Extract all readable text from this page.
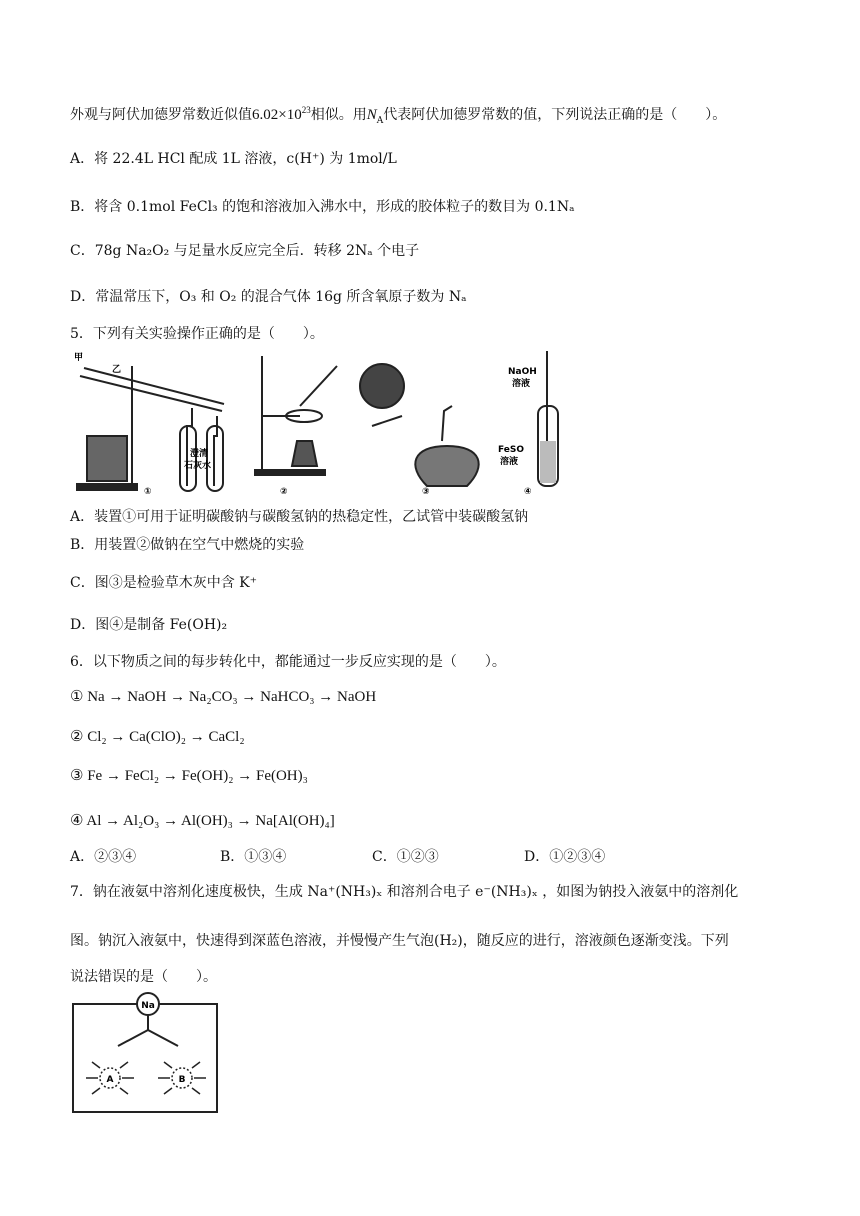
外观与阿伏加德罗常数近似值$6.02\times 10^{23}$相似。用$N_A$代表阿伏加德罗常数的值，下列说法正确的是（　　）。
A．将 22.4L HCl 配成 1L 溶液，c(H⁺) 为 1mol/L
B．将含 0.1mol FeCl₃ 的饱和溶液加入沸水中，形成的胶体粒子的数目为 0.1Nₐ
C．78g Na₂O₂ 与足量水反应完全后．转移 2Nₐ 个电子
D．常温常压下，O₃ 和 O₂ 的混合气体 16g 所含氧原子数为 Nₐ
5．下列有关实验操作正确的是（　　）。
甲
乙
澄清
石灰水
①	②	③
NaOH
溶液
FeSO
溶液
④
A．装置①可用于证明碳酸钠与碳酸氢钠的热稳定性，乙试管中装碳酸氢钠
B．用装置②做钠在空气中燃烧的实验
C．图③是检验草木灰中含 K⁺
D．图④是制备 Fe(OH)₂
6．以下物质之间的每步转化中，都能通过一步反应实现的是（　　）。
① Na → NaOH → Na₂CO₃ → NaHCO₃ → NaOH
② Cl₂ → Ca(ClO)₂ → CaCl₂
③ Fe → FeCl₂ → Fe(OH)₂ → Fe(OH)₃
④ Al → Al₂O₃ → Al(OH)₃ → Na[Al(OH)₄]
A．②③④	B．①③④	C．①②③	D．①②③④
7．钠在液氨中溶剂化速度极快，生成 Na⁺(NH₃)ₓ 和溶剂合电子 e⁻(NH₃)ₓ ，如图为钠投入液氨中的溶剂化
图。钠沉入液氨中，快速得到深蓝色溶液，并慢慢产生气泡(H₂)，随反应的进行，溶液颜色逐渐变浅。下列
说法错误的是（　　）。
Na
A	B
